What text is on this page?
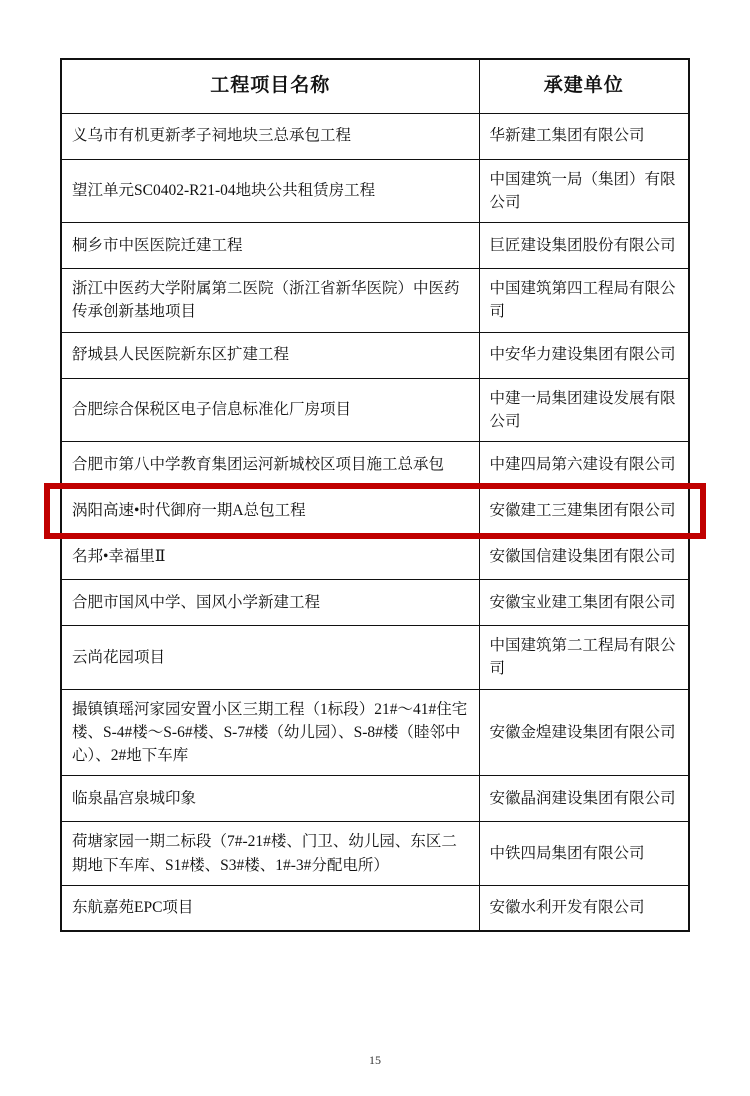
工程项目名称	承建单位
义乌市有机更新孝子祠地块三总承包工程	华新建工集团有限公司
望江单元SC0402-R21-04地块公共租赁房工程	中国建筑一局（集团）有限公司
桐乡市中医医院迁建工程	巨匠建设集团股份有限公司
浙江中医药大学附属第二医院（浙江省新华医院）中医药传承创新基地项目	中国建筑第四工程局有限公司
舒城县人民医院新东区扩建工程	中安华力建设集团有限公司
合肥综合保税区电子信息标准化厂房项目	中建一局集团建设发展有限公司
合肥市第八中学教育集团运河新城校区项目施工总承包	中建四局第六建设有限公司
涡阳高速•时代御府一期A总包工程	安徽建工三建集团有限公司
名邦•幸福里Ⅱ	安徽国信建设集团有限公司
合肥市国风中学、国风小学新建工程	安徽宝业建工集团有限公司
云尚花园项目	中国建筑第二工程局有限公司
撮镇镇瑶河家园安置小区三期工程（1标段）21#～41#住宅楼、S-4#楼～S-6#楼、S-7#楼（幼儿园）、S-8#楼（睦邻中心）、2#地下车库	安徽金煌建设集团有限公司
临泉晶宫泉城印象	安徽晶润建设集团有限公司
荷塘家园一期二标段（7#-21#楼、门卫、幼儿园、东区二期地下车库、S1#楼、S3#楼、1#-3#分配电所）	中铁四局集团有限公司
东航嘉苑EPC项目	安徽水利开发有限公司
15
